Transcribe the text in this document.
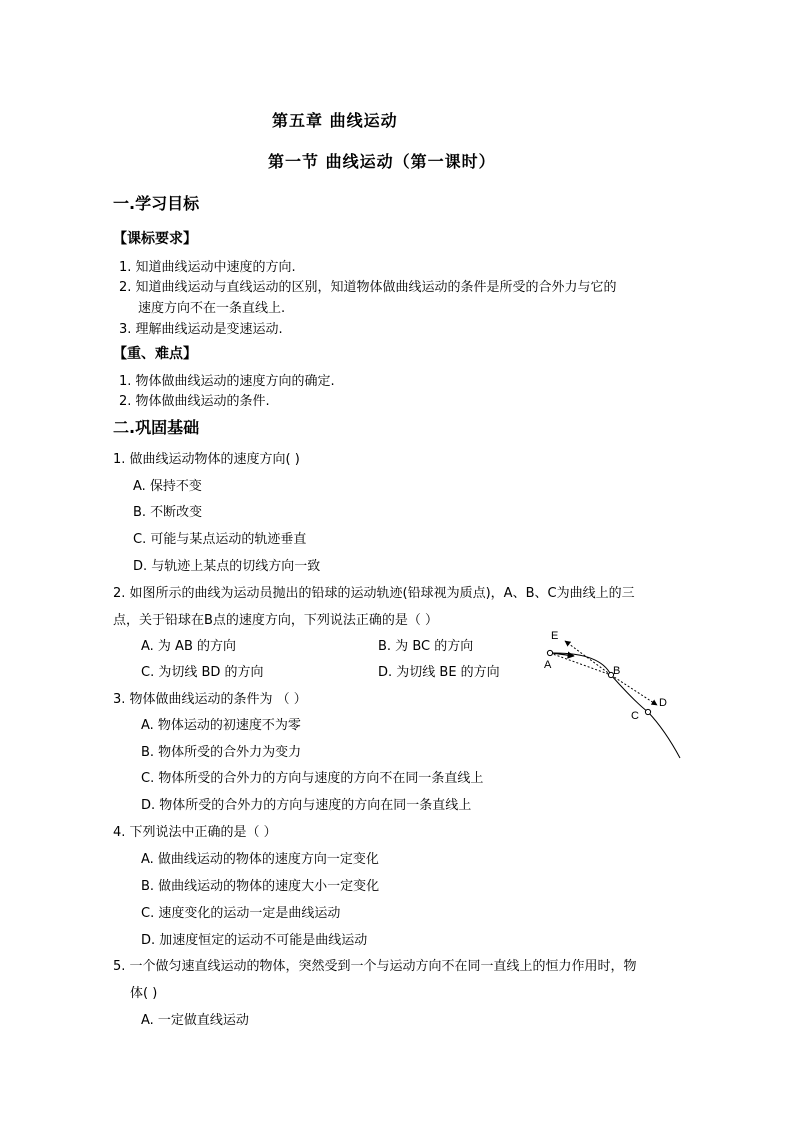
第五章 曲线运动
第一节 曲线运动（第一课时）
一.学习目标
【课标要求】
1. 知道曲线运动中速度的方向.
2. 知道曲线运动与直线运动的区别，知道物体做曲线运动的条件是所受的合外力与它的
速度方向不在一条直线上.
3. 理解曲线运动是变速运动.
【重、难点】
1. 物体做曲线运动的速度方向的确定.
2. 物体做曲线运动的条件.
二.巩固基础
1. 做曲线运动物体的速度方向( )
A. 保持不变
B. 不断改变
C. 可能与某点运动的轨迹垂直
D. 与轨迹上某点的切线方向一致
2. 如图所示的曲线为运动员抛出的铅球的运动轨迹(铅球视为质点)，A、B、C为曲线上的三
点，关于铅球在B点的速度方向，下列说法正确的是（ ）
A. 为 AB 的方向	B. 为 BC 的方向
C. 为切线 BD 的方向	D. 为切线 BE 的方向
E
A	B
D
C
3. 物体做曲线运动的条件为 （ ）
A. 物体运动的初速度不为零
B. 物体所受的合外力为变力
C. 物体所受的合外力的方向与速度的方向不在同一条直线上
D. 物体所受的合外力的方向与速度的方向在同一条直线上
4. 下列说法中正确的是（ ）
A. 做曲线运动的物体的速度方向一定变化
B. 做曲线运动的物体的速度大小一定变化
C. 速度变化的运动一定是曲线运动
D. 加速度恒定的运动不可能是曲线运动
5. 一个做匀速直线运动的物体，突然受到一个与运动方向不在同一直线上的恒力作用时，物
体( )
A. 一定做直线运动
